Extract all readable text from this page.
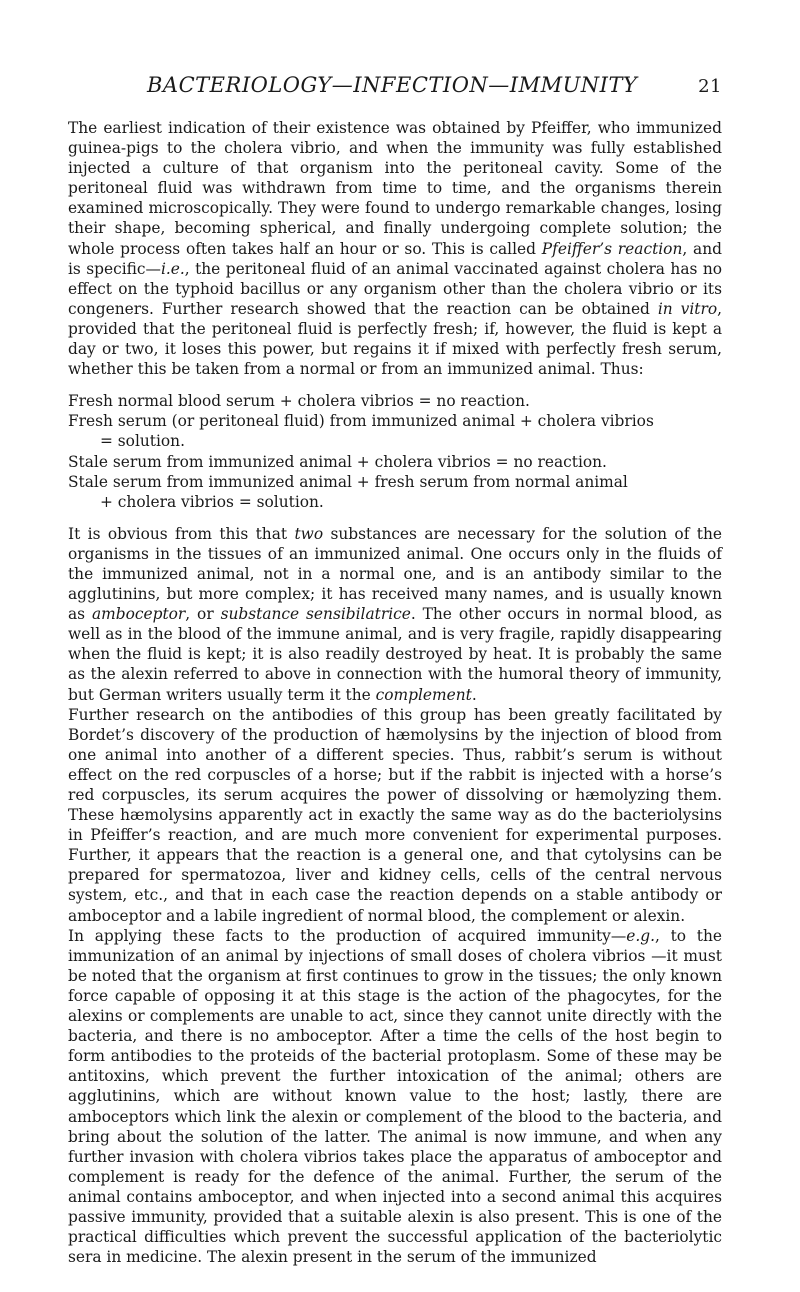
BACTERIOLOGY—INFECTION—IMMUNITY	21

The earliest indication of their existence was obtained by Pfeiffer, who immunized guinea-pigs to the cholera vibrio, and when the immunity was fully established injected a culture of that organism into the peritoneal cavity. Some of the peritoneal fluid was withdrawn from time to time, and the organisms therein examined microscopically. They were found to undergo remarkable changes, losing their shape, becoming spherical, and finally undergoing complete solution; the whole process often takes half an hour or so. This is called Pfeiffer’s reaction, and is specific—i.e., the peritoneal fluid of an animal vaccinated against cholera has no effect on the typhoid bacillus or any organism other than the cholera vibrio or its congeners. Further research showed that the reaction can be obtained in vitro, provided that the peritoneal fluid is perfectly fresh; if, however, the fluid is kept a day or two, it loses this power, but regains it if mixed with perfectly fresh serum, whether this be taken from a normal or from an immunized animal. Thus:

Fresh normal blood serum + cholera vibrios = no reaction.

Fresh serum (or peritoneal fluid) from immunized animal + cholera vibrios
= solution.

Stale serum from immunized animal + cholera vibrios = no reaction.

Stale serum from immunized animal + fresh serum from normal animal
+ cholera vibrios = solution.

It is obvious from this that two substances are necessary for the solution of the organisms in the tissues of an immunized animal. One occurs only in the fluids of the immunized animal, not in a normal one, and is an antibody similar to the agglutinins, but more complex; it has received many names, and is usually known as amboceptor, or substance sensibilatrice. The other occurs in normal blood, as well as in the blood of the immune animal, and is very fragile, rapidly disappearing when the fluid is kept; it is also readily destroyed by heat. It is probably the same as the alexin referred to above in connection with the humoral theory of immunity, but German writers usually term it the complement.

Further research on the antibodies of this group has been greatly facilitated by Bordet’s discovery of the production of hæmolysins by the injection of blood from one animal into another of a different species. Thus, rabbit’s serum is without effect on the red corpuscles of a horse; but if the rabbit is injected with a horse’s red corpuscles, its serum acquires the power of dissolving or hæmolyzing them. These hæmolysins apparently act in exactly the same way as do the bacteriolysins in Pfeiffer’s reaction, and are much more convenient for experimental purposes. Further, it appears that the reaction is a general one, and that cytolysins can be prepared for spermatozoa, liver and kidney cells, cells of the central nervous system, etc., and that in each case the reaction depends on a stable antibody or amboceptor and a labile ingredient of normal blood, the complement or alexin.

In applying these facts to the production of acquired immunity—e.g., to the immunization of an animal by injections of small doses of cholera vibrios —it must be noted that the organism at first continues to grow in the tissues; the only known force capable of opposing it at this stage is the action of the phagocytes, for the alexins or complements are unable to act, since they cannot unite directly with the bacteria, and there is no amboceptor. After a time the cells of the host begin to form antibodies to the proteids of the bacterial protoplasm. Some of these may be antitoxins, which prevent the further intoxication of the animal; others are agglutinins, which are without known value to the host; lastly, there are amboceptors which link the alexin or complement of the blood to the bacteria, and bring about the solution of the latter. The animal is now immune, and when any further invasion with cholera vibrios takes place the apparatus of amboceptor and complement is ready for the defence of the animal. Further, the serum of the animal contains amboceptor, and when injected into a second animal this acquires passive immunity, provided that a suitable alexin is also present. This is one of the practical difficulties which prevent the successful application of the bacteriolytic sera in medicine. The alexin present in the serum of the immunized
